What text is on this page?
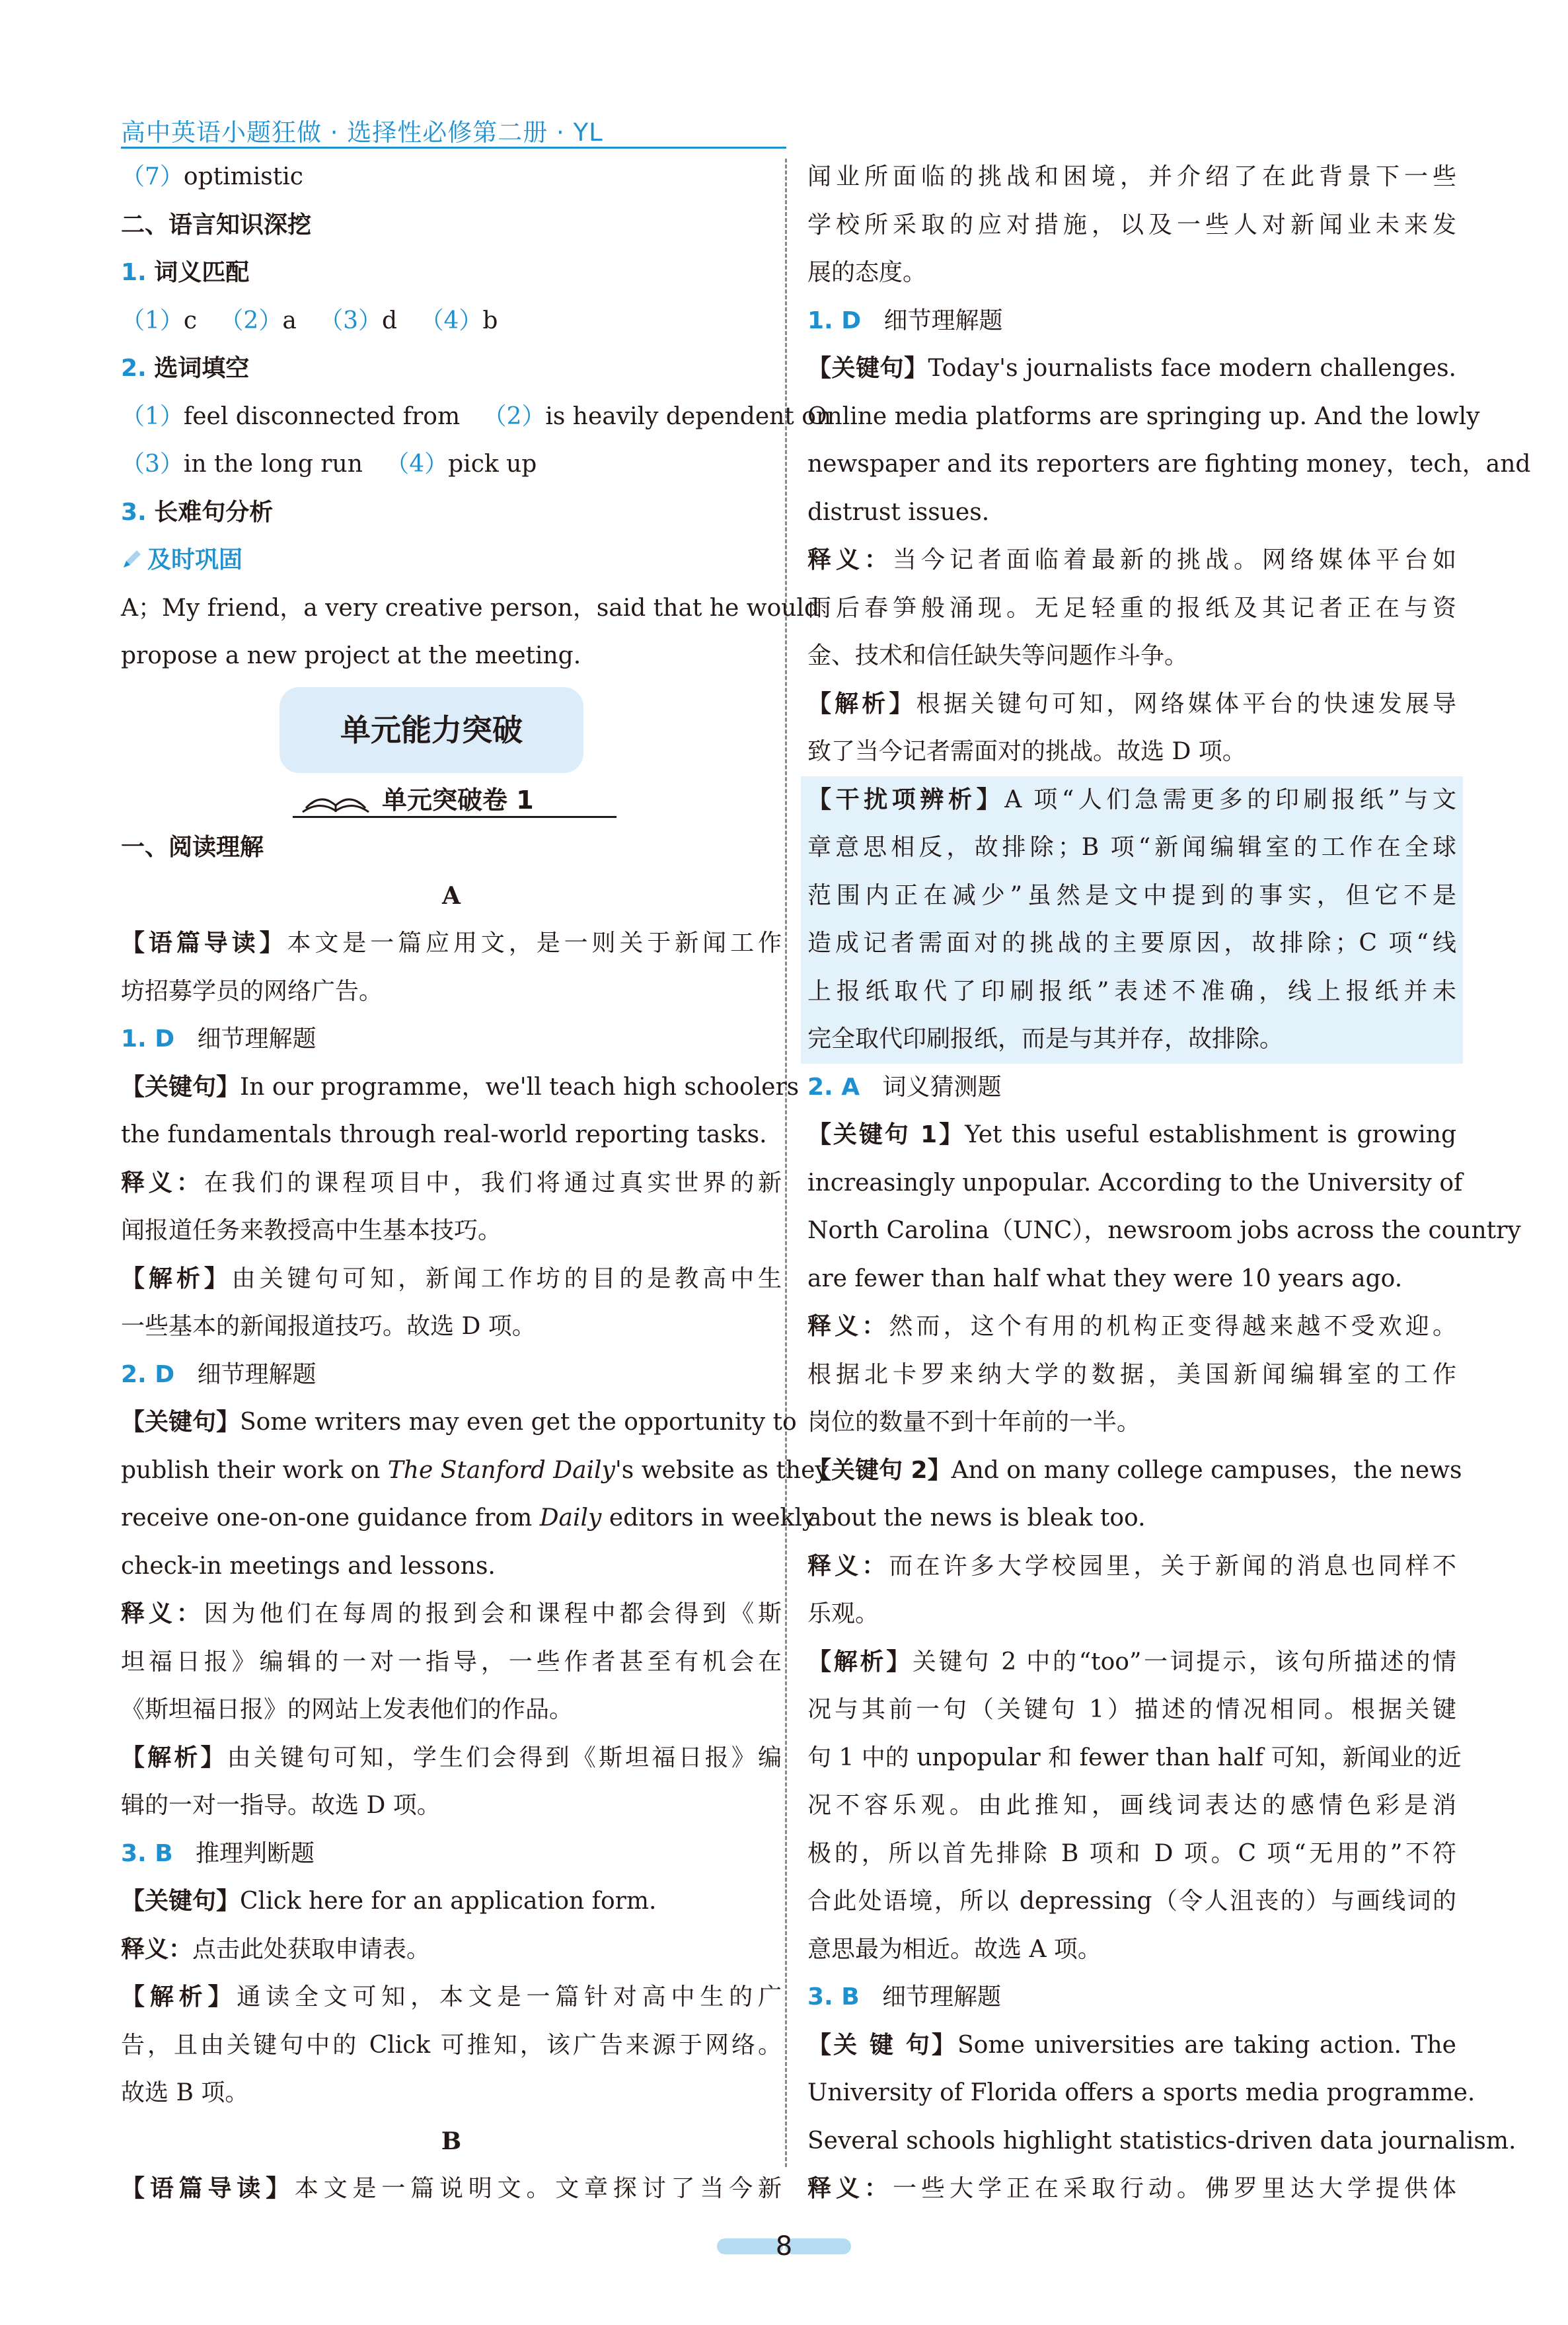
高中英语小题狂做 · 选择性必修第二册 · YL
（7）optimistic
二、语言知识深挖
1. 词义匹配
（1）c （2）a （3）d （4）b
2. 选词填空
（1）feel disconnected from （2）is heavily dependent on
（3）in the long run （4）pick up
3. 长难句分析
及时巩固
A；My friend，a very creative person，said that he would
propose a new project at the meeting.
单元能力突破
单元突破卷 1
一、阅读理解
A
【语篇导读】本文是一篇应用文，是一则关于新闻工作
坊招募学员的网络广告。
1. D 细节理解题
【关键句】In our programme，we'll teach high schoolers
the fundamentals through real-world reporting tasks.
释义：在我们的课程项目中，我们将通过真实世界的新
闻报道任务来教授高中生基本技巧。
【解析】由关键句可知，新闻工作坊的目的是教高中生
一些基本的新闻报道技巧。故选 D 项。
2. D 细节理解题
【关键句】Some writers may even get the opportunity to
publish their work on The Stanford Daily's website as they
receive one-on-one guidance from Daily editors in weekly
check-in meetings and lessons.
释义：因为他们在每周的报到会和课程中都会得到《斯
坦福日报》编辑的一对一指导，一些作者甚至有机会在
《斯坦福日报》的网站上发表他们的作品。
【解析】由关键句可知，学生们会得到《斯坦福日报》编
辑的一对一指导。故选 D 项。
3. B 推理判断题
【关键句】Click here for an application form.
释义：点击此处获取申请表。
【解析】通读全文可知，本文是一篇针对高中生的广
告，且由关键句中的 Click 可推知，该广告来源于网络。
故选 B 项。
B
【语篇导读】本文是一篇说明文。文章探讨了当今新
闻业所面临的挑战和困境，并介绍了在此背景下一些
学校所采取的应对措施，以及一些人对新闻业未来发
展的态度。
1. D 细节理解题
【关键句】Today's journalists face modern challenges.
Online media platforms are springing up. And the lowly
newspaper and its reporters are fighting money，tech，and
distrust issues.
释义：当今记者面临着最新的挑战。网络媒体平台如
雨后春笋般涌现。无足轻重的报纸及其记者正在与资
金、技术和信任缺失等问题作斗争。
【解析】根据关键句可知，网络媒体平台的快速发展导
致了当今记者需面对的挑战。故选 D 项。
【干扰项辨析】A 项“人们急需更多的印刷报纸”与文
章意思相反，故排除；B 项“新闻编辑室的工作在全球
范围内正在减少”虽然是文中提到的事实，但它不是
造成记者需面对的挑战的主要原因，故排除；C 项“线
上报纸取代了印刷报纸”表述不准确，线上报纸并未
完全取代印刷报纸，而是与其并存，故排除。
2. A 词义猜测题
【关键句 1】Yet this useful establishment is growing
increasingly unpopular. According to the University of
North Carolina（UNC），newsroom jobs across the country
are fewer than half what they were 10 years ago.
释义：然而，这个有用的机构正变得越来越不受欢迎。
根据北卡罗来纳大学的数据，美国新闻编辑室的工作
岗位的数量不到十年前的一半。
【关键句 2】And on many college campuses，the news
about the news is bleak too.
释义：而在许多大学校园里，关于新闻的消息也同样不
乐观。
【解析】关键句 2 中的“too”一词提示，该句所描述的情
况与其前一句（关键句 1）描述的情况相同。根据关键
句 1 中的 unpopular 和 fewer than half 可知，新闻业的近
况不容乐观。由此推知，画线词表达的感情色彩是消
极的，所以首先排除 B 项和 D 项。C 项“无用的”不符
合此处语境，所以 depressing（令人沮丧的）与画线词的
意思最为相近。故选 A 项。
3. B 细节理解题
【关 键 句】Some universities are taking action. The
University of Florida offers a sports media programme.
Several schools highlight statistics-driven data journalism.
释义：一些大学正在采取行动。佛罗里达大学提供体
8
